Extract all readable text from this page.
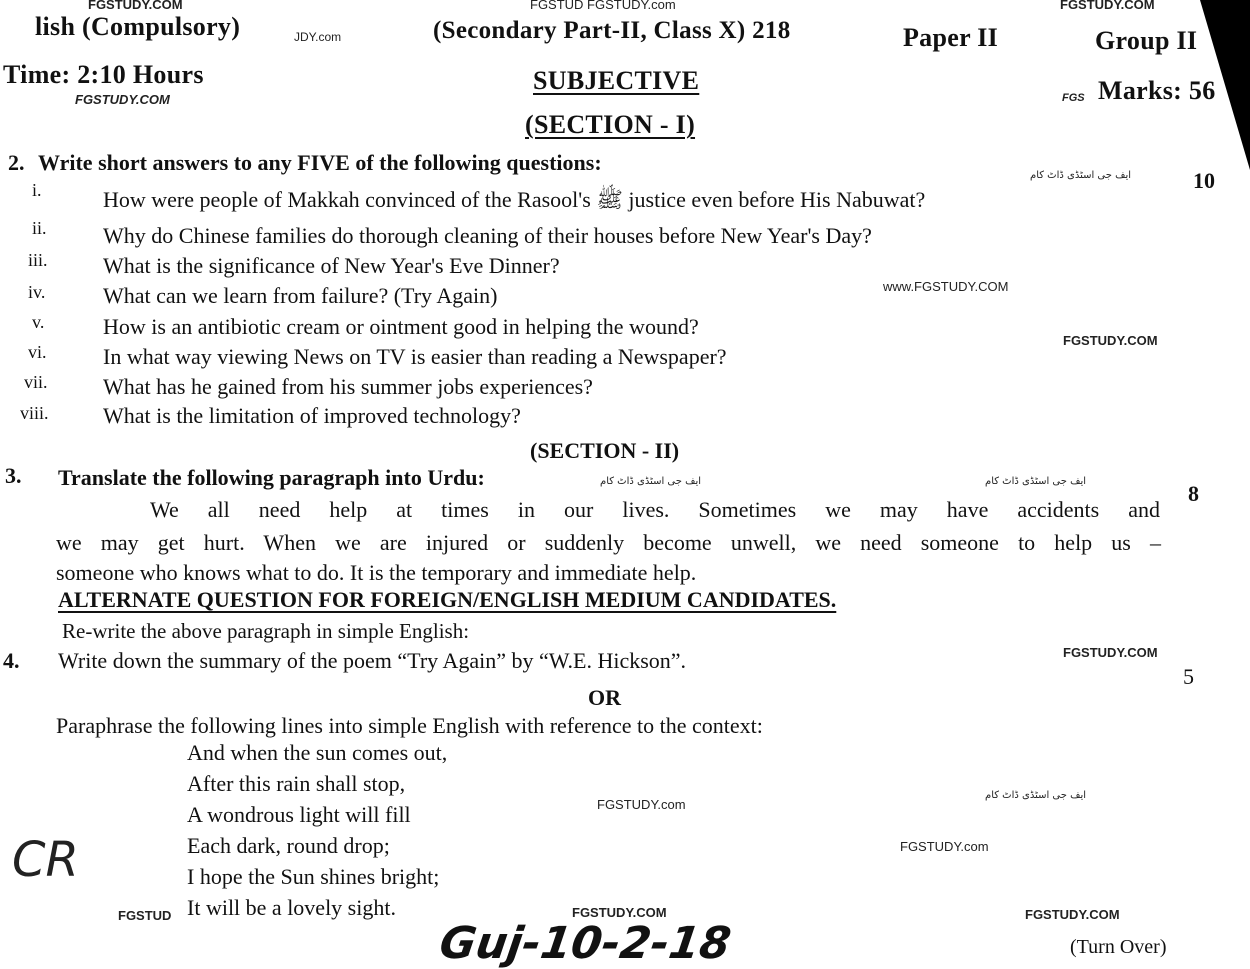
FGSTUDY.COM	FGSTUD FGSTUDY.com	FGSTUDY.COM
JDY.com
FGSTUDY.COM	FGS
www.FGSTUDY.COM
FGSTUDY.COM
FGSTUDY.COM
FGSTUDY.com
FGSTUDY.com
FGSTUD	FGSTUDY.COM	FGSTUDY.COM
ایف جی اسٹڈی ڈاٹ کام
ایف جی اسٹڈی ڈاٹ کام	ایف جی اسٹڈی ڈاٹ کام
ایف جی اسٹڈی ڈاٹ کام
lish (Compulsory)	(Secondary Part-II, Class X) 218	Paper II	Group II
Time: 2:10 Hours	SUBJECTIVE	Marks: 56
(SECTION - I)
2. Write short answers to any FIVE of the following questions:
10
i.	How were people of Makkah convinced of the Rasool's ﷺ justice even before His Nabuwat?
ii.	Why do Chinese families do thorough cleaning of their houses before New Year's Day?
iii.	What is the significance of New Year's Eve Dinner?
iv.	What can we learn from failure? (Try Again)
v.	How is an antibiotic cream or ointment good in helping the wound?
vi.	In what way viewing News on TV is easier than reading a Newspaper?
vii.	What has he gained from his summer jobs experiences?
viii. What is the limitation of improved technology?
(SECTION - II)
3. Translate the following paragraph into Urdu:
8
We all need help at times in our lives. Sometimes we may have accidents and
we may get hurt. When we are injured or suddenly become unwell, we need someone to help us –
someone who knows what to do. It is the temporary and immediate help.
ALTERNATE QUESTION FOR FOREIGN/ENGLISH MEDIUM CANDIDATES.
Re-write the above paragraph in simple English:
4. Write down the summary of the poem “Try Again” by “W.E. Hickson”.
5
OR
Paraphrase the following lines into simple English with reference to the context:
And when the sun comes out,
After this rain shall stop,
A wondrous light will fill
Each dark, round drop;
I hope the Sun shines bright;
It will be a lovely sight.
CR
Guj-10-2-18	(Turn Over)
